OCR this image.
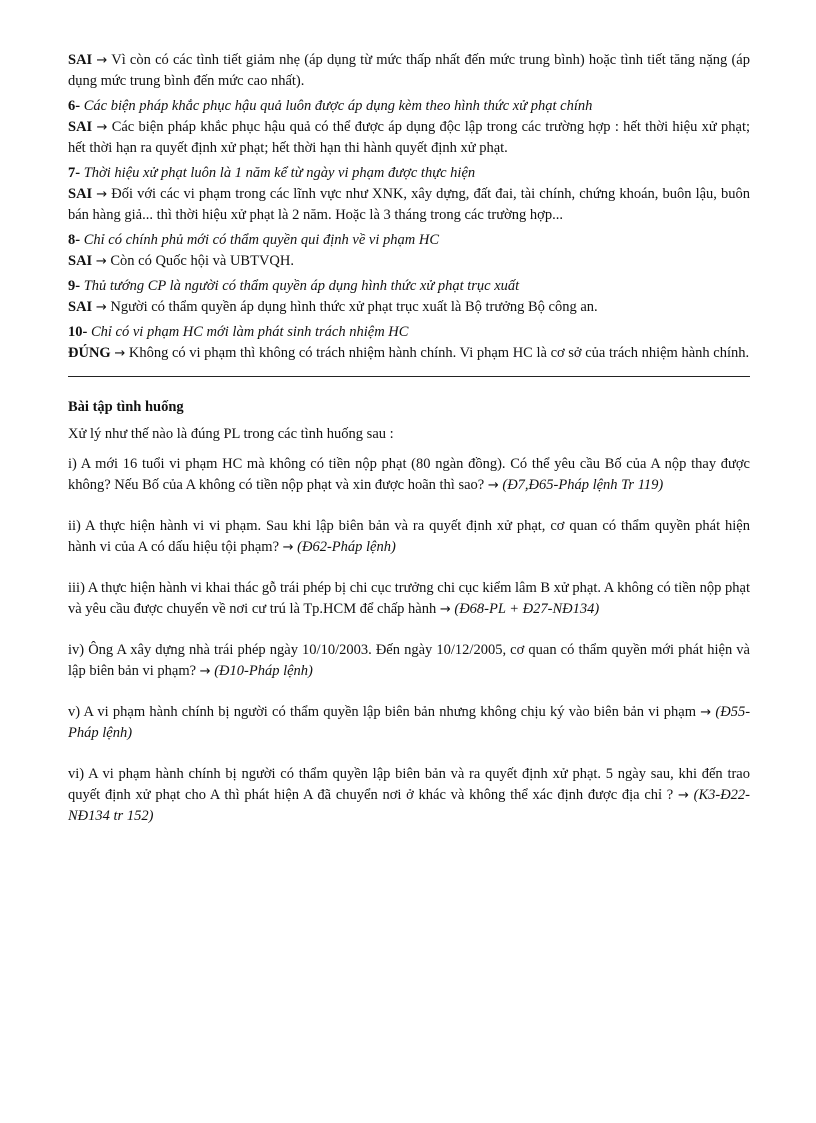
SAI → Vì còn có các tình tiết giảm nhẹ (áp dụng từ mức thấp nhất đến mức trung bình) hoặc tình tiết tăng nặng (áp dụng mức trung bình đến mức cao nhất).
6- Các biện pháp khắc phục hậu quả luôn được áp dụng kèm theo hình thức xử phạt chính
SAI → Các biện pháp khắc phục hậu quả có thể được áp dụng độc lập trong các trường hợp : hết thời hiệu xử phạt; hết thời hạn ra quyết định xử phạt; hết thời hạn thi hành quyết định xử phạt.
7- Thời hiệu xử phạt luôn là 1 năm kể từ ngày vi phạm được thực hiện
SAI → Đối với các vi phạm trong các lĩnh vực như XNK, xây dựng, đất đai, tài chính, chứng khoán, buôn lậu, buôn bán hàng giả... thì thời hiệu xử phạt là 2 năm. Hoặc là 3 tháng trong các trường hợp...
8- Chỉ có chính phủ mới có thẩm quyền qui định về vi phạm HC
SAI → Còn có Quốc hội và UBTVQH.
9- Thủ tướng CP là người có thẩm quyền áp dụng hình thức xử phạt trục xuất
SAI → Người có thẩm quyền áp dụng hình thức xử phạt trục xuất là Bộ trưởng Bộ công an.
10- Chỉ có vi phạm HC mới làm phát sinh trách nhiệm HC
ĐÚNG → Không có vi phạm thì không có trách nhiệm hành chính. Vi phạm HC là cơ sở của trách nhiệm hành chính.
Bài tập tình huống
Xử lý như thế nào là đúng PL trong các tình huống sau :
i) A mới 16 tuổi vi phạm HC mà không có tiền nộp phạt (80 ngàn đồng). Có thể yêu cầu Bố của A nộp thay được không? Nếu Bố của A không có tiền nộp phạt và xin được hoãn thì sao? → (Đ7,Đ65-Pháp lệnh Tr 119)
ii) A thực hiện hành vi vi phạm. Sau khi lập biên bản và ra quyết định xử phạt, cơ quan có thẩm quyền phát hiện hành vi của A có dấu hiệu tội phạm? → (Đ62-Pháp lệnh)
iii) A thực hiện hành vi khai thác gỗ trái phép bị chi cục trưởng chi cục kiểm lâm B xử phạt. A không có tiền nộp phạt và yêu cầu được chuyển về nơi cư trú là Tp.HCM để chấp hành → (Đ68-PL + Đ27-NĐ134)
iv) Ông A xây dựng nhà trái phép ngày 10/10/2003. Đến ngày 10/12/2005, cơ quan có thẩm quyền mới phát hiện và lập biên bản vi phạm? → (Đ10-Pháp lệnh)
v) A vi phạm hành chính bị người có thẩm quyền lập biên bản nhưng không chịu ký vào biên bản vi phạm → (Đ55-Pháp lệnh)
vi) A vi phạm hành chính bị người có thẩm quyền lập biên bản và ra quyết định xử phạt. 5 ngày sau, khi đến trao quyết định xử phạt cho A thì phát hiện A đã chuyển nơi ở khác và không thể xác định được địa chỉ ? → (K3-Đ22-NĐ134 tr 152)
